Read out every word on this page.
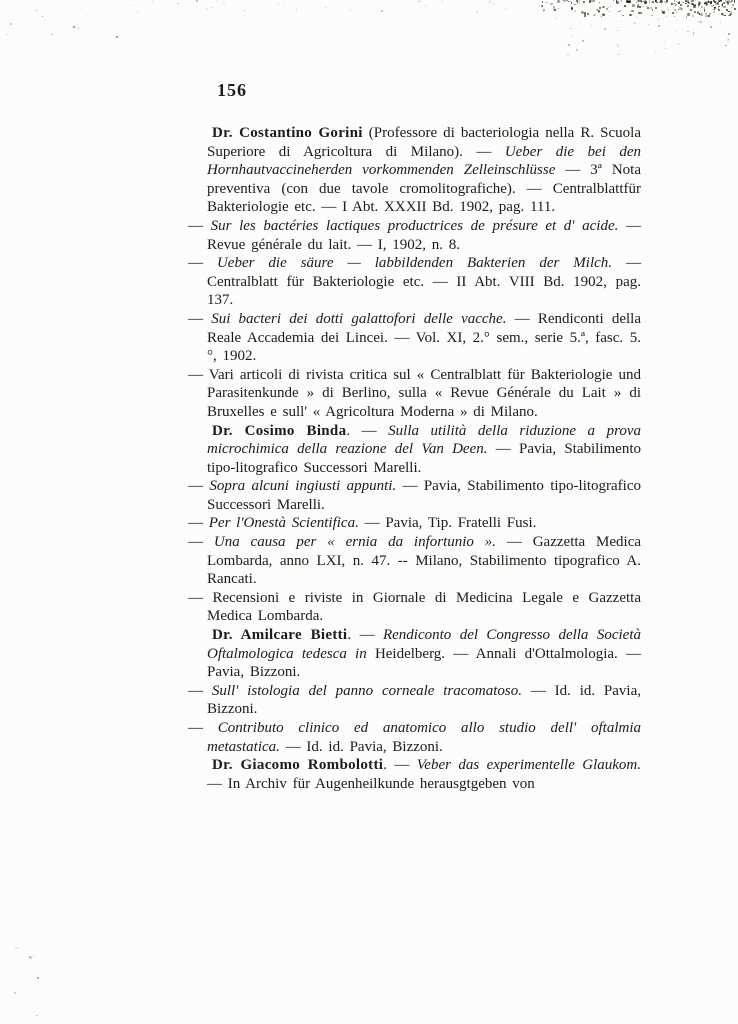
156

Dr. Costantino Gorini (Professore di bacteriologia nella R. Scuola Superiore di Agricoltura di Milano). — Ueber die bei den Hornhautvaccineherden vorkommenden Zelleinschlüsse — 3ª Nota preventiva (con due tavole cromolitografiche). — Centralblattfür Bakteriologie etc. — I Abt. XXXII Bd. 1902, pag. 111.

— Sur les bactéries lactiques productrices de présure et d' acide. — Revue générale du lait. — I, 1902, n. 8.

— Ueber die säure — labbildenden Bakterien der Milch. — Centralblatt für Bakteriologie etc. — II Abt. VIII Bd. 1902, pag. 137.

— Sui bacteri dei dotti galattofori delle vacche. — Rendiconti della Reale Accademia dei Lincei. — Vol. XI, 2.° sem., serie 5.ª, fasc. 5.°, 1902.

— Vari articoli di rivista critica sul « Centralblatt für Bakteriologie und Parasitenkunde » di Berlino, sulla « Revue Générale du Lait » di Bruxelles e sull' « Agricoltura Moderna » di Milano.

Dr. Cosimo Binda. — Sulla utilità della riduzione a prova microchimica della reazione del Van Deen. — Pavia, Stabilimento tipo-litografico Successori Marelli.

— Sopra alcuni ingiusti appunti. — Pavia, Stabilimento tipo-litografico Successori Marelli.

— Per l'Onestà Scientifica. — Pavia, Tip. Fratelli Fusi.

— Una causa per « ernia da infortunio ». — Gazzetta Medica Lombarda, anno LXI, n. 47. -- Milano, Stabilimento tipografico A. Rancati.

— Recensioni e riviste in Giornale di Medicina Legale e Gazzetta Medica Lombarda.

Dr. Amilcare Bietti. — Rendiconto del Congresso della Società Oftalmologica tedesca in Heidelberg. — Annali d'Ottalmologia. — Pavia, Bizzoni.

— Sull' istologia del panno corneale tracomatoso. — Id. id. Pavia, Bizzoni.

— Contributo clinico ed anatomico allo studio dell' oftalmia metastatica. — Id. id. Pavia, Bizzoni.

Dr. Giacomo Rombolotti. — Veber das experimentelle Glaukom. — In Archiv für Augenheilkunde herausgtgeben von
